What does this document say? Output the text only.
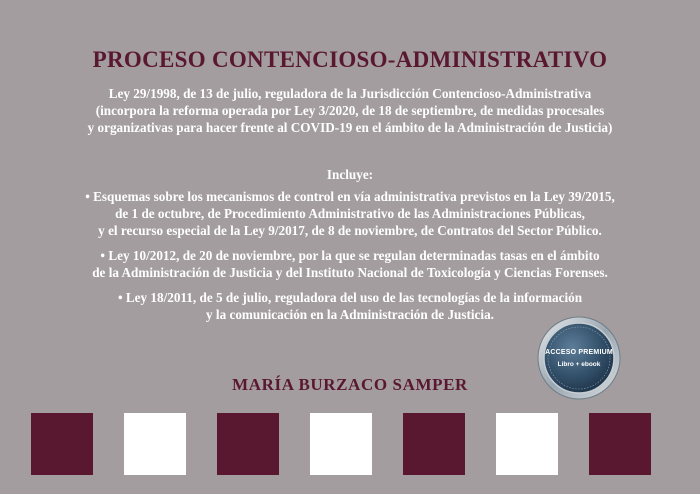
PROCESO CONTENCIOSO-ADMINISTRATIVO
Ley 29/1998, de 13 de julio, reguladora de la Jurisdicción Contencioso-Administrativa
(incorpora la reforma operada por Ley 3/2020, de 18 de septiembre, de medidas procesales
y organizativas para hacer frente al COVID-19 en el ámbito de la Administración de Justicia)
Incluye:
• Esquemas sobre los mecanismos de control en vía administrativa previstos en la Ley 39/2015,
de 1 de octubre, de Procedimiento Administrativo de las Administraciones Públicas,
y el recurso especial de la Ley 9/2017, de 8 de noviembre, de Contratos del Sector Público.
• Ley 10/2012, de 20 de noviembre, por la que se regulan determinadas tasas en el ámbito
de la Administración de Justicia y del Instituto Nacional de Toxicología y Ciencias Forenses.
• Ley 18/2011, de 5 de julio, reguladora del uso de las tecnologías de la información
y la comunicación en la Administración de Justicia.
ACCESO PREMIUM
Libro + ebook
MARÍA BURZACO SAMPER
